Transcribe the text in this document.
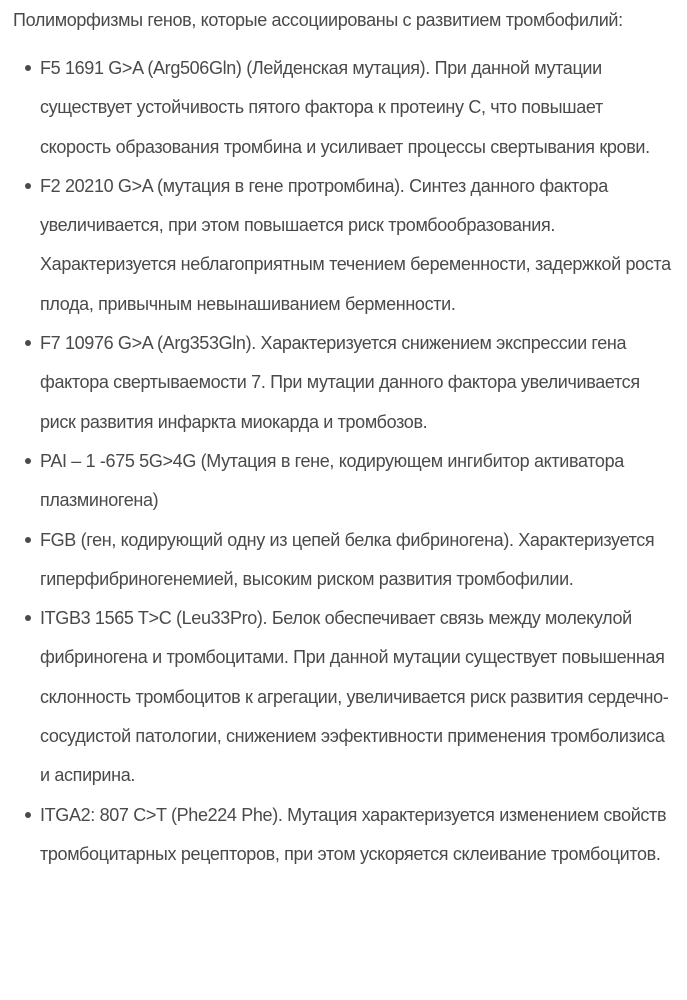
Полиморфизмы генов, которые ассоциированы с развитием тромбофилий:

F5 1691 G>A (Arg506Gln) (Лейденская мутация). При данной мутации существует устойчивость пятого фактора к протеину С, что повышает скорость образования тромбина и усиливает процессы свертывания крови.
F2 20210 G>A (мутация в гене протромбина). Синтез данного фактора увеличивается, при этом повышается риск тромбообразования. Характеризуется неблагоприятным течением беременности, задержкой роста плода, привычным невынашиванием берменности.
F7 10976 G>A (Arg353Gln). Характеризуется снижением экспрессии гена фактора свертываемости 7. При мутации данного фактора увеличивается риск развития инфаркта миокарда и тромбозов.
PAI – 1 -675 5G>4G (Мутация в гене, кодирующем ингибитор активатора плазминогена)
FGB (ген, кодирующий одну из цепей белка фибриногена). Характеризуется гиперфибриногенемией, высоким риском развития тромбофилии.
ITGB3 1565 T>C (Leu33Pro). Белок обеспечивает связь между молекулой фибриногена и тромбоцитами. При данной мутации существует повышенная склонность тромбоцитов к агрегации, увеличивается риск развития сердечно-сосудистой патологии, снижением ээфективности применения тромболизиса и аспирина.
ITGA2: 807 C>T (Phe224 Phe). Мутация характеризуется изменением свойств тромбоцитарных рецепторов, при этом ускоряется склеивание тромбоцитов.
